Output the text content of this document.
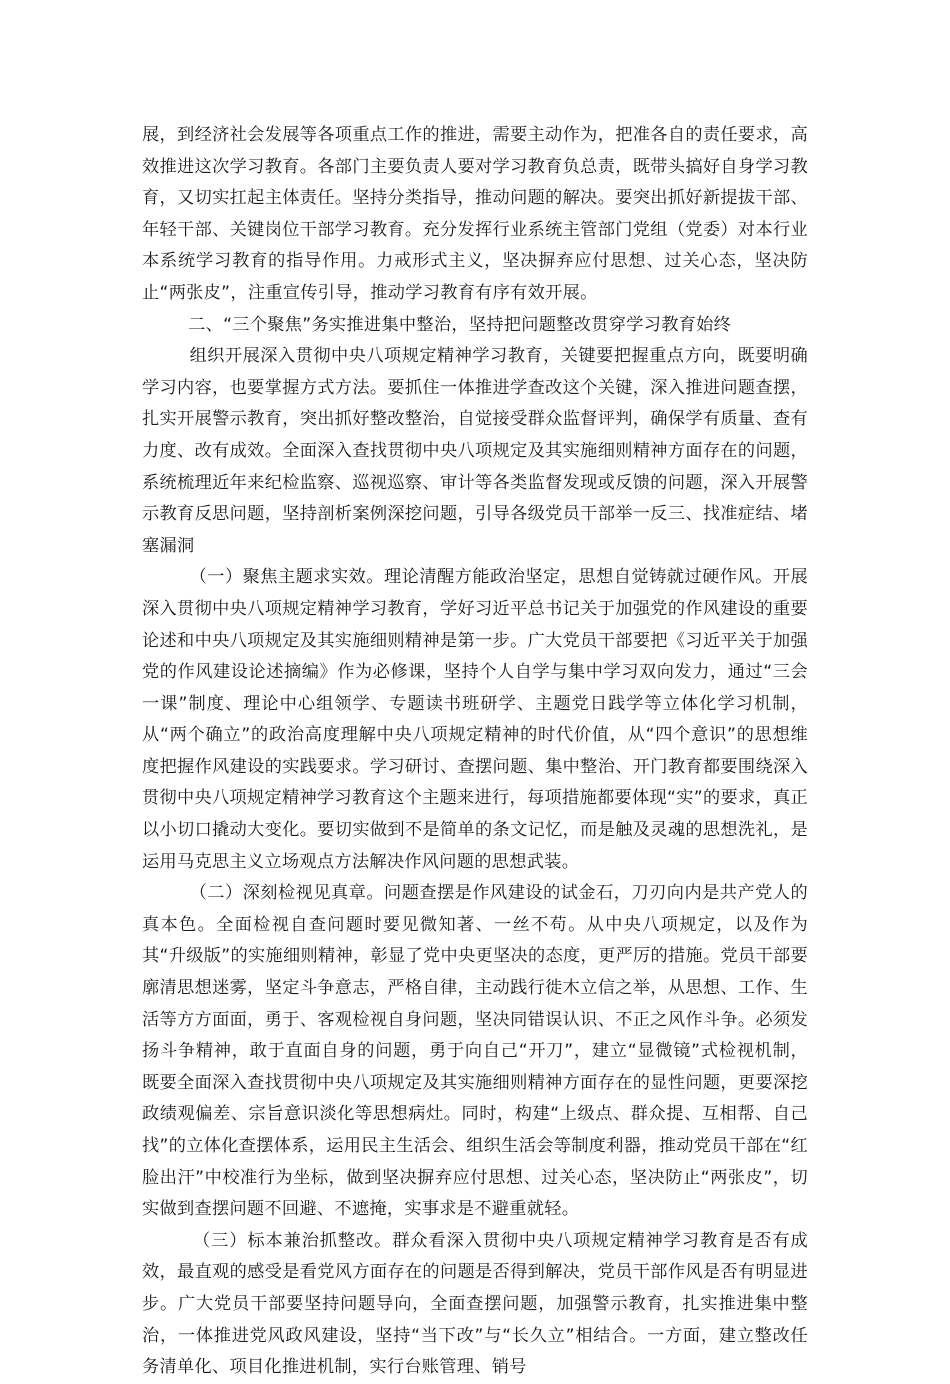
展，到经济社会发展等各项重点工作的推进，需要主动作为，把准各自的责任要求，高效推进这次学习教育。各部门主要负责人要对学习教育负总责，既带头搞好自身学习教育，又切实扛起主体责任。坚持分类指导，推动问题的解决。要突出抓好新提拔干部、年轻干部、关键岗位干部学习教育。充分发挥行业系统主管部门党组（党委）对本行业本系统学习教育的指导作用。力戒形式主义，坚决摒弃应付思想、过关心态，坚决防止“两张皮”，注重宣传引导，推动学习教育有序有效开展。

二、“三个聚焦”务实推进集中整治，坚持把问题整改贯穿学习教育始终

组织开展深入贯彻中央八项规定精神学习教育，关键要把握重点方向，既要明确学习内容，也要掌握方式方法。要抓住一体推进学查改这个关键，深入推进问题查摆，扎实开展警示教育，突出抓好整改整治，自觉接受群众监督评判，确保学有质量、查有力度、改有成效。全面深入查找贯彻中央八项规定及其实施细则精神方面存在的问题，系统梳理近年来纪检监察、巡视巡察、审计等各类监督发现或反馈的问题，深入开展警示教育反思问题，坚持剖析案例深挖问题，引导各级党员干部举一反三、找准症结、堵塞漏洞

（一）聚焦主题求实效。理论清醒方能政治坚定，思想自觉铸就过硬作风。开展深入贯彻中央八项规定精神学习教育，学好习近平总书记关于加强党的作风建设的重要论述和中央八项规定及其实施细则精神是第一步。广大党员干部要把《习近平关于加强党的作风建设论述摘编》作为必修课，坚持个人自学与集中学习双向发力，通过“三会一课”制度、理论中心组领学、专题读书班研学、主题党日践学等立体化学习机制，从“两个确立”的政治高度理解中央八项规定精神的时代价值，从“四个意识”的思想维度把握作风建设的实践要求。学习研讨、查摆问题、集中整治、开门教育都要围绕深入贯彻中央八项规定精神学习教育这个主题来进行，每项措施都要体现“实”的要求，真正以小切口撬动大变化。要切实做到不是简单的条文记忆，而是触及灵魂的思想洗礼，是运用马克思主义立场观点方法解决作风问题的思想武装。

（二）深刻检视见真章。问题查摆是作风建设的试金石，刀刃向内是共产党人的真本色。全面检视自查问题时要见微知著、一丝不苟。从中央八项规定，以及作为其“升级版”的实施细则精神，彰显了党中央更坚决的态度，更严厉的措施。党员干部要廓清思想迷雾，坚定斗争意志，严格自律，主动践行徙木立信之举，从思想、工作、生活等方方面面，勇于、客观检视自身问题，坚决同错误认识、不正之风作斗争。必须发扬斗争精神，敢于直面自身的问题，勇于向自己“开刀”，建立“显微镜”式检视机制，既要全面深入查找贯彻中央八项规定及其实施细则精神方面存在的显性问题，更要深挖政绩观偏差、宗旨意识淡化等思想病灶。同时，构建“上级点、群众提、互相帮、自己找”的立体化查摆体系，运用民主生活会、组织生活会等制度利器，推动党员干部在“红脸出汗”中校准行为坐标，做到坚决摒弃应付思想、过关心态，坚决防止“两张皮”，切实做到查摆问题不回避、不遮掩，实事求是不避重就轻。

（三）标本兼治抓整改。群众看深入贯彻中央八项规定精神学习教育是否有成效，最直观的感受是看党风方面存在的问题是否得到解决，党员干部作风是否有明显进步。广大党员干部要坚持问题导向，全面查摆问题，加强警示教育，扎实推进集中整治，一体推进党风政风建设，坚持“当下改”与“长久立”相结合。一方面，建立整改任务清单化、项目化推进机制，实行台账管理、销号
